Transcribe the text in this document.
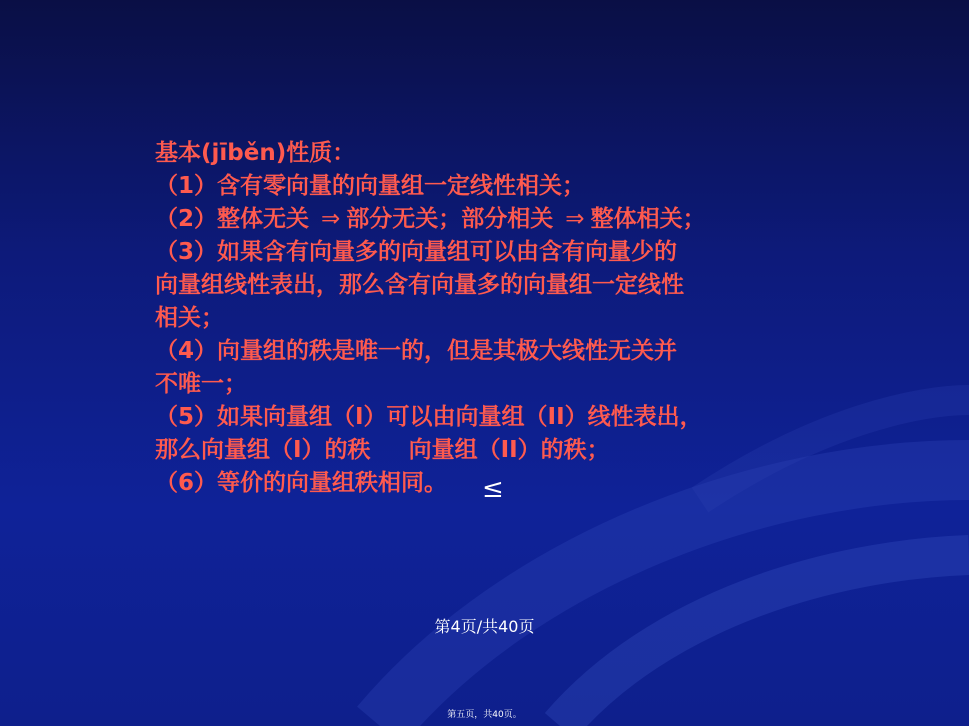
基本(jīběn)性质：
（1）含有零向量的向量组一定线性相关；
（2）整体无关 ⇒ 部分无关；部分相关 ⇒ 整体相关；
（3）如果含有向量多的向量组可以由含有向量少的
向量组线性表出，那么含有向量多的向量组一定线性
相关；
（4）向量组的秩是唯一的，但是其极大线性无关并
不唯一；
（5）如果向量组（I）可以由向量组（II）线性表出，
那么向量组（I）的秩 向量组（II）的秩；
（6）等价的向量组秩相同。	≤
第4页/共40页
第五页，共40页。
